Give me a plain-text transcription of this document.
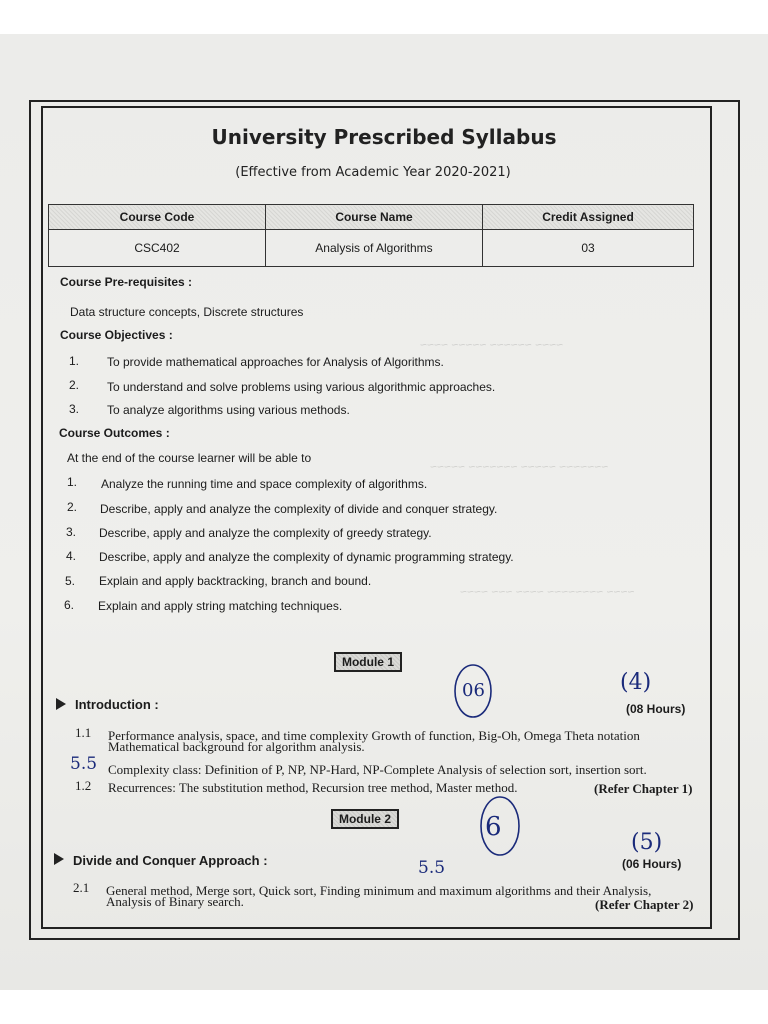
~~~~ ~~~~~~ ~~~~~ ~~~~
~~~~~~~ ~~~~~ ~~~~~~~ ~~~~~
~~~~ ~~~~~~~~ ~~~~ ~~~ ~~~~
University Prescribed Syllabus
(Effective from Academic Year 2020-2021)
Course Code	Course Name	Credit Assigned
CSC402	Analysis of Algorithms	03
Course Pre-requisites :
Data structure concepts, Discrete structures
Course Objectives :
1. To provide mathematical approaches for Analysis of Algorithms.
2. To understand and solve problems using various algorithmic approaches.
3. To analyze algorithms using various methods.
Course Outcomes :
At the end of the course learner will be able to
1. Analyze the running time and space complexity of algorithms.
2. Describe, apply and analyze the complexity of divide and conquer strategy.
3. Describe, apply and analyze the complexity of greedy strategy.
4. Describe, apply and analyze the complexity of dynamic programming strategy.
5. Explain and apply backtracking, branch and bound.
6. Explain and apply string matching techniques.
Module 1
Introduction :	(08 Hours)
1.1 Performance analysis, space, and time complexity Growth of function, Big-Oh, Omega Theta notation
Mathematical background for algorithm analysis.
Complexity class: Definition of P, NP, NP-Hard, NP-Complete Analysis of selection sort, insertion sort.
1.2 Recurrences: The substitution method, Recursion tree method, Master method.	(Refer Chapter 1)
Module 2
Divide and Conquer Approach :	(06 Hours)
2.1 General method, Merge sort, Quick sort, Finding minimum and maximum algorithms and their Analysis,
Analysis of Binary search.	(Refer Chapter 2)
06	(4)
5.5
6
(5)
5.5
